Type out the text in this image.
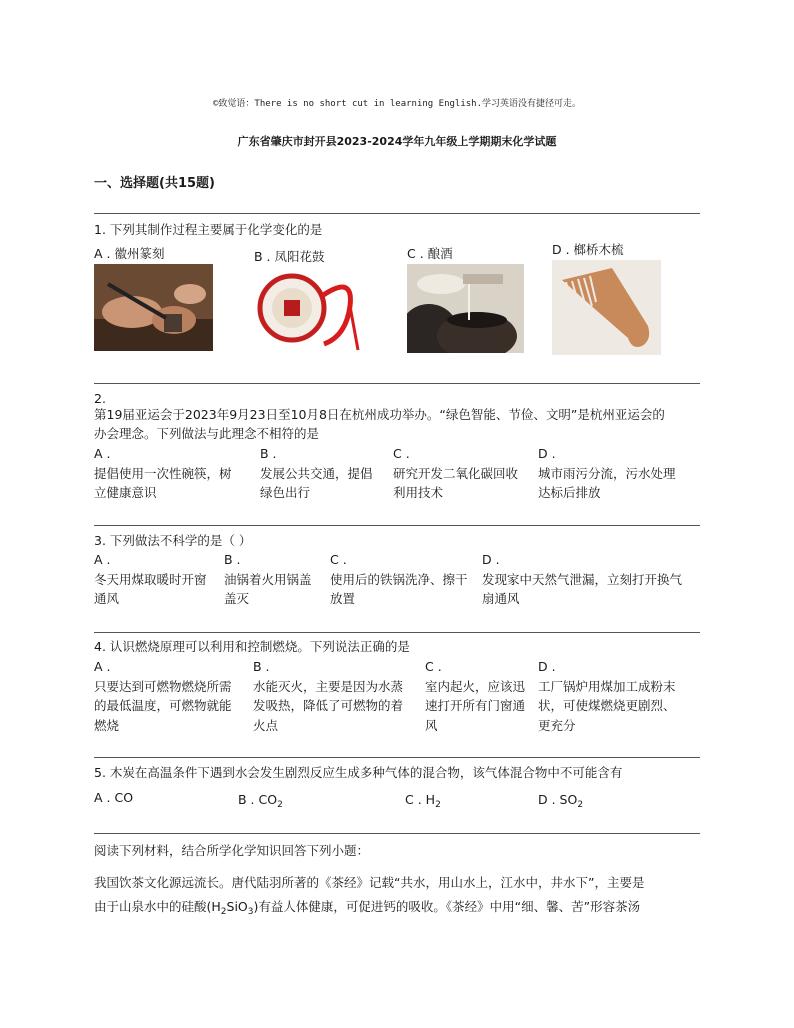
©致觉语：There is no short cut in learning English.学习英语没有捷径可走。
广东省肇庆市封开县2023-2024学年九年级上学期期末化学试题
一、选择题(共15题)
1. 下列其制作过程主要属于化学变化的是
A . 徽州篆刻	B . 凤阳花鼓	C . 酿酒	D . 榔桥木梳
2.
第19届亚运会于2023年9月23日至10月8日在杭州成功举办。“绿色智能、节俭、文明”是杭州亚运会的
办会理念。下列做法与此理念不相符的是
A .
提倡使用一次性碗筷，树
立健康意识
B .
发展公共交通，提倡
绿色出行
C .
研究开发二氧化碳回收
利用技术
D .
城市雨污分流，污水处理
达标后排放
3. 下列做法不科学的是（ ）
A .
冬天用煤取暖时开窗
通风
B .
油锅着火用锅盖
盖灭
C .
使用后的铁锅洗净、擦干
放置
D .
发现家中天然气泄漏，立刻打开换气
扇通风
4. 认识燃烧原理可以利用和控制燃烧。下列说法正确的是
A .
只要达到可燃物燃烧所需
的最低温度，可燃物就能
燃烧
B .
水能灭火，主要是因为水蒸
发吸热，降低了可燃物的着
火点
C .
室内起火，应该迅
速打开所有门窗通
风
D .
工厂锅炉用煤加工成粉末
状，可使煤燃烧更剧烈、
更充分
5. 木炭在高温条件下遇到水会发生剧烈反应生成多种气体的混合物，该气体混合物中不可能含有
A . CO	B . $CO_2$	C . $H_2$	D . $SO_2$
阅读下列材料，结合所学化学知识回答下列小题：
我国饮茶文化源远流长。唐代陆羽所著的《茶经》记载“共水，用山水上，江水中，井水下”，主要是
由于山泉水中的硅酸$(H_2SiO_3)$有益人体健康，可促进钙的吸收。《茶经》中用“细、馨、苦”形容茶汤
